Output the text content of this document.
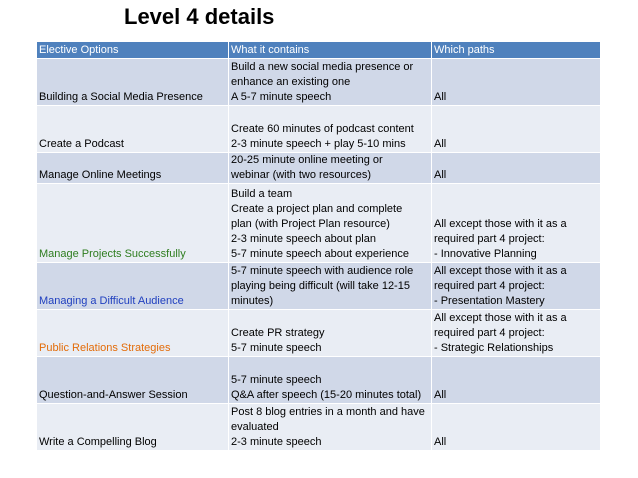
Level 4 details
Elective Options	What it contains	Which paths

Building a Social Media Presence	Build a new social media presence or
enhance an existing one
A 5-7 minute speech	All

Create a Podcast	Create 60 minutes of podcast content
2-3 minute speech + play 5-10 mins	All

Manage Online Meetings	20-25 minute online meeting or
webinar (with two resources)	All

Manage Projects Successfully	Build a team
Create a project plan and complete
plan (with Project Plan resource)
2-3 minute speech about plan
5-7 minute speech about experience	All except those with it as a
required part 4 project:
- Innovative Planning

Managing a Difficult Audience	5-7 minute speech with audience role
playing being difficult (will take 12-15
minutes)	All except those with it as a
required part 4 project:
- Presentation Mastery

Public Relations Strategies	Create PR strategy
5-7 minute speech	All except those with it as a
required part 4 project:
- Strategic Relationships

Question-and-Answer Session	5-7 minute speech
Q&A after speech (15-20 minutes total)	All

Write a Compelling Blog	Post 8 blog entries in a month and have
evaluated
2-3 minute speech	All
